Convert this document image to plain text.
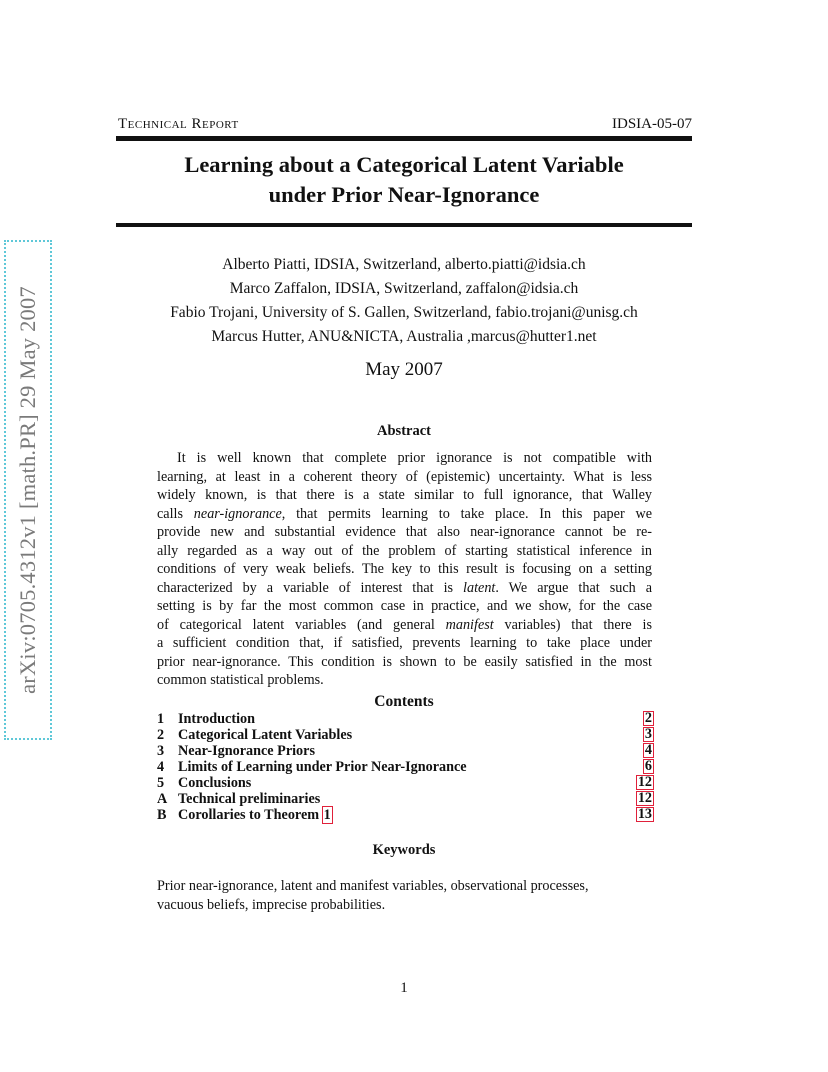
arXiv:0705.4312v1 [math.PR] 29 May 2007
Technical Report	IDSIA-05-07
Learning about a Categorical Latent Variable
under Prior Near-Ignorance
Alberto Piatti, IDSIA, Switzerland, alberto.piatti@idsia.ch
Marco Zaffalon, IDSIA, Switzerland, zaffalon@idsia.ch
Fabio Trojani, University of S. Gallen, Switzerland, fabio.trojani@unisg.ch
Marcus Hutter, ANU&NICTA, Australia ,marcus@hutter1.net
May 2007
Abstract
It is well known that complete prior ignorance is not compatible with
learning, at least in a coherent theory of (epistemic) uncertainty. What is less
widely known, is that there is a state similar to full ignorance, that Walley
calls near-ignorance, that permits learning to take place. In this paper we
provide new and substantial evidence that also near-ignorance cannot be re-
ally regarded as a way out of the problem of starting statistical inference in
conditions of very weak beliefs. The key to this result is focusing on a setting
characterized by a variable of interest that is latent. We argue that such a
setting is by far the most common case in practice, and we show, for the case
of categorical latent variables (and general manifest variables) that there is
a sufficient condition that, if satisfied, prevents learning to take place under
prior near-ignorance. This condition is shown to be easily satisfied in the most
common statistical problems.
Contents
1 Introduction	2
2 Categorical Latent Variables	3
3 Near-Ignorance Priors	4
4 Limits of Learning under Prior Near-Ignorance	6
5 Conclusions	12
A Technical preliminaries	12
B Corollaries to Theorem 1	13
Keywords
Prior near-ignorance, latent and manifest variables, observational processes,
vacuous beliefs, imprecise probabilities.
1
